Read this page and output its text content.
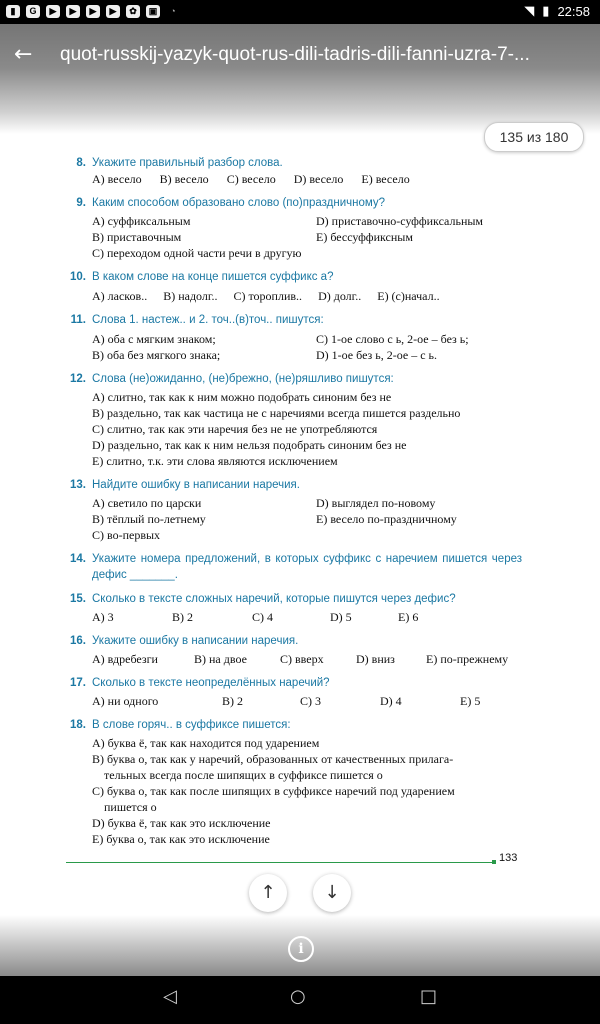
▮	G	▶	▶	▶	▶	✿	▣	◔	◥ ▮ 22:58
← quot-russkij-yazyk-quot-rus-dili-tadris-dili-fanni-uzra-7-...
135 из 180
8. Укажите правильный разбор слова.
А) весело В) весело С) весело D) весело Е) весело
9. Каким способом образовано слово (по)праздничному?
А) суффиксальным	D) приставочно-суффиксальным
В) приставочным	Е) бессуффиксным
С) переходом одной части речи в другую
10. В каком слове на конце пишется суффикс а?
А) ласков.. В) надолг.. С) тороплив.. D) долг.. Е) (с)начал..
11. Слова 1. настеж.. и 2. точ..(в)точ.. пишутся:
А) оба с мягким знаком;	С) 1-ое слово с ь, 2-ое – без ь;
В) оба без мягкого знака;	D) 1-ое без ь, 2-ое – с ь.
12. Слова (не)ожиданно, (не)брежно, (не)ряшливо пишутся:
А) слитно, так как к ним можно подобрать синоним без не
В) раздельно, так как частица не с наречиями всегда пишется раздельно
С) слитно, так как эти наречия без не не употребляются
D) раздельно, так как к ним нельзя подобрать синоним без не
Е) слитно, т.к. эти слова являются исключением
13. Найдите ошибку в написании наречия.
А) светило по царски	D) выглядел по-новому
В) тёплый по-летнему	Е) весело по-праздничному
С) во-первых
14. Укажите номера предложений, в которых суффикс с наречием пишется через дефис _______.
15. Сколько в тексте сложных наречий, которые пишутся через дефис?
А) 3	В) 2	С) 4	D) 5	Е) 6
16. Укажите ошибку в написании наречия.
А) вдребезги	В) на двое	С) вверх	D) вниз	Е) по-прежнему
17. Сколько в тексте неопределённых наречий?
А) ни одного	В) 2	С) 3	D) 4	Е) 5
18. В слове горяч.. в суффиксе пишется:
А) буква ё, так как находится под ударением
В) буква о, так как у наречий, образованных от качественных прилага-
тельных всегда после шипящих в суффиксе пишется о
С) буква о, так как после шипящих в суффиксе наречий под ударением
пишется о
D) буква ё, так как это исключение
Е) буква о, так как это исключение
133
↑	↓
i
◁	○	□
